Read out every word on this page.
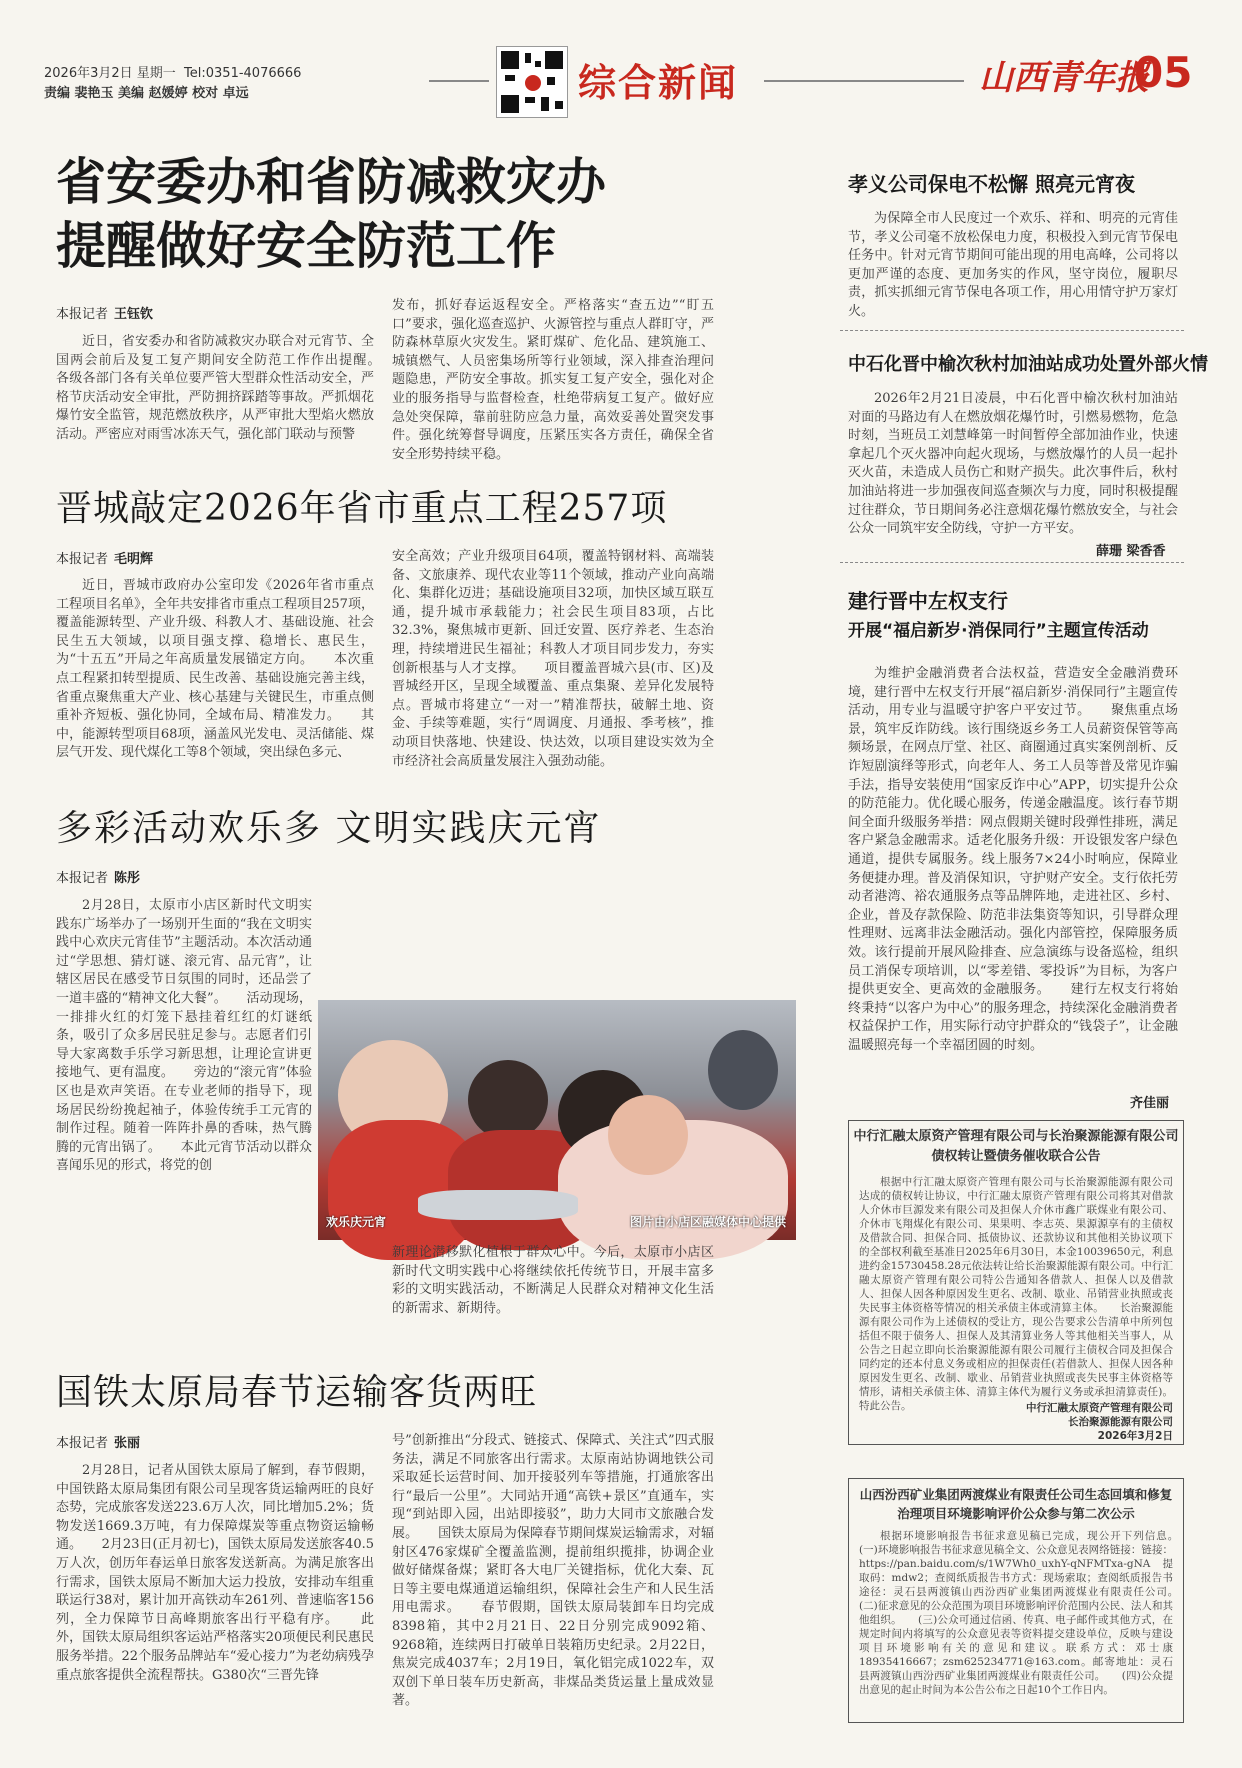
2026年3月2日 星期一 Tel:0351-4076666
责编 裴艳玉 美编 赵媛婷 校对 卓远	综合新闻	山西青年报
05
省安委办和省防减救灾办
提醒做好安全防范工作
本报记者 王钰钦

近日，省安委办和省防减救灾办联合对元宵节、全国两会前后及复工复产期间安全防范工作作出提醒。　　各级各部门各有关单位要严管大型群众性活动安全，严格节庆活动安全审批，严防拥挤踩踏等事故。严抓烟花爆竹安全监管，规范燃放秩序，从严审批大型焰火燃放活动。严密应对雨雪冰冻天气，强化部门联动与预警

发布，抓好春运返程安全。严格落实“查五边”“盯五口”要求，强化巡查巡护、火源管控与重点人群盯守，严防森林草原火灾发生。紧盯煤矿、危化品、建筑施工、城镇燃气、人员密集场所等行业领域，深入排查治理问题隐患，严防安全事故。抓实复工复产安全，强化对企业的服务指导与监督检查，杜绝带病复工复产。做好应急处突保障，靠前驻防应急力量，高效妥善处置突发事件。强化统筹督导调度，压紧压实各方责任，确保全省安全形势持续平稳。

晋城敲定2026年省市重点工程257项
本报记者 毛明辉

近日，晋城市政府办公室印发《2026年省市重点工程项目名单》，全年共安排省市重点工程项目257项，覆盖能源转型、产业升级、科教人才、基础设施、社会民生五大领域，以项目强支撑、稳增长、惠民生，为“十五五”开局之年高质量发展锚定方向。　　本次重点工程紧扣转型提质、民生改善、基础设施完善主线，省重点聚焦重大产业、核心基建与关键民生，市重点侧重补齐短板、强化协同，全域布局、精准发力。　　其中，能源转型项目68项，涵盖风光发电、灵活储能、煤层气开发、现代煤化工等8个领域，突出绿色多元、

安全高效；产业升级项目64项，覆盖特钢材料、高端装备、文旅康养、现代农业等11个领域，推动产业向高端化、集群化迈进；基础设施项目32项，加快区域互联互通，提升城市承载能力；社会民生项目83项，占比32.3%，聚焦城市更新、回迁安置、医疗养老、生态治理，持续增进民生福祉；科教人才项目同步发力，夯实创新根基与人才支撑。　　项目覆盖晋城六县(市、区)及晋城经开区，呈现全域覆盖、重点集聚、差异化发展特点。晋城市将建立“一对一”精准帮扶，破解土地、资金、手续等难题，实行“周调度、月通报、季考核”，推动项目快落地、快建设、快达效，以项目建设实效为全市经济社会高质量发展注入强劲动能。

多彩活动欢乐多 文明实践庆元宵
本报记者 陈彤

2月28日，太原市小店区新时代文明实践东广场举办了一场别开生面的“我在文明实践中心欢庆元宵佳节”主题活动。本次活动通过“学思想、猜灯谜、滚元宵、品元宵”，让辖区居民在感受节日氛围的同时，还品尝了一道丰盛的“精神文化大餐”。　　活动现场，一排排火红的灯笼下悬挂着红红的灯谜纸条，吸引了众多居民驻足参与。志愿者们引导大家离数手乐学习新思想，让理论宣讲更接地气、更有温度。　　旁边的“滚元宵”体验区也是欢声笑语。在专业老师的指导下，现场居民纷纷挽起袖子，体验传统手工元宵的制作过程。随着一阵阵扑鼻的香味，热气腾腾的元宵出锅了。　　本此元宵节活动以群众喜闻乐见的形式，将党的创

欢乐庆元宵	图片由小店区融媒体中心提供

新理论潜移默化植根于群众心中。今后，太原市小店区新时代文明实践中心将继续依托传统节日，开展丰富多彩的文明实践活动，不断满足人民群众对精神文化生活的新需求、新期待。

国铁太原局春节运输客货两旺
本报记者 张丽

2月28日，记者从国铁太原局了解到，春节假期，中国铁路太原局集团有限公司呈现客货运输两旺的良好态势，完成旅客发送223.6万人次，同比增加5.2%；货物发送1669.3万吨，有力保障煤炭等重点物资运输畅通。　　2月23日(正月初七)，国铁太原局发送旅客40.5万人次，创历年春运单日旅客发送新高。为满足旅客出行需求，国铁太原局不断加大运力投放，安排动车组重联运行38对，累计加开高铁动车261列、普速临客156列，全力保障节日高峰期旅客出行平稳有序。　　此外，国铁太原局组织客运站严格落实20项便民利民惠民服务举措。22个服务品牌站车“爱心接力”为老幼病残孕重点旅客提供全流程帮扶。G380次“三晋先锋

号”创新推出“分段式、链接式、保障式、关注式”四式服务法，满足不同旅客出行需求。太原南站协调地铁公司采取延长运营时间、加开接驳列车等措施，打通旅客出行“最后一公里”。大同站开通“高铁+景区”直通车，实现“到站即入园，出站即接驳”，助力大同市文旅融合发展。　　国铁太原局为保障春节期间煤炭运输需求，对辐射区476家煤矿全覆盖监测，提前组织揽排，协调企业做好储煤备煤；紧盯各大电厂关键指标，优化大秦、瓦日等主要电煤通道运输组织，保障社会生产和人民生活用电需求。　　春节假期，国铁太原局装卸车日均完成8398箱，其中2月21日、22日分别完成9092箱、9268箱，连续两日打破单日装箱历史纪录。2月22日，焦炭完成4037车；2月19日，氧化铝完成1022车，双双创下单日装车历史新高，非煤品类货运量上量成效显著。

孝义公司保电不松懈 照亮元宵夜

为保障全市人民度过一个欢乐、祥和、明亮的元宵佳节，孝义公司毫不放松保电力度，积极投入到元宵节保电任务中。针对元宵节期间可能出现的用电高峰，公司将以更加严谨的态度、更加务实的作风，坚守岗位，履职尽责，抓实抓细元宵节保电各项工作，用心用情守护万家灯火。

中石化晋中榆次秋村加油站成功处置外部火情

2026年2月21日凌晨，中石化晋中榆次秋村加油站对面的马路边有人在燃放烟花爆竹时，引燃易燃物，危急时刻，当班员工刘慧峰第一时间暂停全部加油作业，快速拿起几个灭火器冲向起火现场，与燃放爆竹的人员一起扑灭火苗，未造成人员伤亡和财产损失。此次事件后，秋村加油站将进一步加强夜间巡查频次与力度，同时积极提醒过往群众，节日期间务必注意烟花爆竹燃放安全，与社会公众一同筑牢安全防线，守护一方平安。

薛珊 梁香香
建行晋中左权支行
开展“福启新岁·消保同行”主题宣传活动

为维护金融消费者合法权益，营造安全金融消费环境，建行晋中左权支行开展“福启新岁·消保同行”主题宣传活动，用专业与温暖守护客户平安过节。　　聚焦重点场景，筑牢反诈防线。该行围绕返乡务工人员薪资保管等高频场景，在网点厅堂、社区、商圈通过真实案例剖析、反诈短剧演绎等形式，向老年人、务工人员等普及常见诈骗手法，指导安装使用“国家反诈中心”APP，切实提升公众的防范能力。优化暖心服务，传递金融温度。该行春节期间全面升级服务举措：网点假期关键时段弹性排班，满足客户紧急金融需求。适老化服务升级：开设银发客户绿色通道，提供专属服务。线上服务7×24小时响应，保障业务便捷办理。普及消保知识，守护财产安全。支行依托劳动者港湾、裕农通服务点等品牌阵地，走进社区、乡村、企业，普及存款保险、防范非法集资等知识，引导群众理性理财、远离非法金融活动。强化内部管控，保障服务质效。该行提前开展风险排查、应急演练与设备巡检，组织员工消保专项培训，以“零差错、零投诉”为目标，为客户提供更安全、更高效的金融服务。　　建行左权支行将始终秉持“以客户为中心”的服务理念，持续深化金融消费者权益保护工作，用实际行动守护群众的“钱袋子”，让金融温暖照亮每一个幸福团圆的时刻。

齐佳丽
中行汇融太原资产管理有限公司与长治聚源能源有限公司
债权转让暨债务催收联合公告

根据中行汇融太原资产管理有限公司与长治聚源能源有限公司达成的债权转让协议，中行汇融太原资产管理有限公司将其对借款人介休市巨源发来有限公司及担保人介休市鑫广联煤业有限公司、介休市飞翔煤化有限公司、果果明、李志英、果源源享有的主债权及借款合同、担保合同、抵债协议、还款协议和其他相关协议项下的全部权利截至基准日2025年6月30日，本金10039650元，利息进约金15730458.28元依法转让给长治聚源能源有限公司。中行汇融太原资产管理有限公司特公告通知各借款人、担保人以及借款人、担保人因各种原因发生更名、改制、歇业、吊销营业执照或丧失民事主体资格等情况的相关承债主体或清算主体。　　长治聚源能源有限公司作为上述债权的受让方，现公告要求公告清单中所列包括但不限于债务人、担保人及其清算业务人等其他相关当事人，从公告之日起立即向长治聚源能源有限公司履行主债权合同及担保合同约定的还本付息义务或相应的担保责任(若借款人、担保人因各种原因发生更名、改制、歇业、吊销营业执照或丧失民事主体资格等情形，请相关承债主体、清算主体代为履行义务或承担清算责任)。特此公告。	中行汇融太原资产管理有限公司
长治聚源能源有限公司
2026年3月2日
山西汾西矿业集团两渡煤业有限责任公司生态回填和修复
治理项目环境影响评价公众参与第二次公示

根据环境影响报告书征求意见稿已完成，现公开下列信息。　　(一)环境影响报告书征求意见稿全文、公众意见表网络链接：链接：https://pan.baidu.com/s/1W7Wh0_uxhY-qNFMTxa-gNA 提取码：mdw2；查阅纸质报告书方式：现场索取；查阅纸质报告书途径：灵石县两渡镇山西汾西矿业集团两渡煤业有限责任公司。　　(二)征求意见的公众范围为项目环境影响评价范围内公民、法人和其他组织。　　(三)公众可通过信函、传真、电子邮件或其他方式，在规定时间内将填写的公众意见表等资料提交建设单位，反映与建设项目环境影响有关的意见和建议。联系方式：邓士康 18935416667；zsm625234771@163.com。邮寄地址：灵石县两渡镇山西汾西矿业集团两渡煤业有限责任公司。　　(四)公众提出意见的起止时间为本公告公布之日起10个工作日内。
